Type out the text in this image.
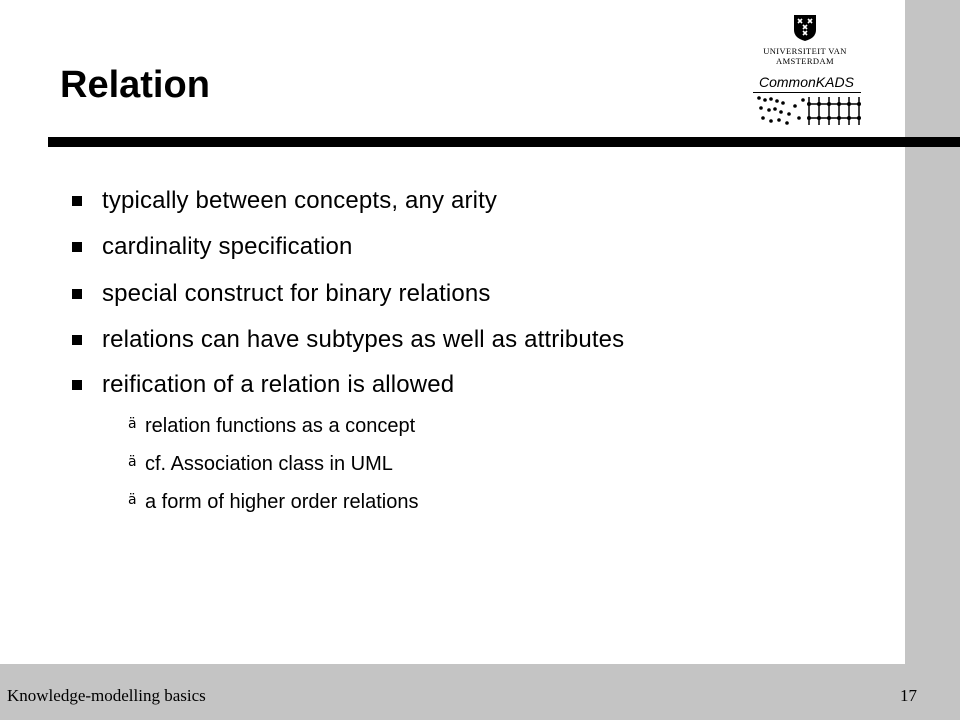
UNIVERSITEIT VAN AMSTERDAM
CommonKADS
Relation
typically between concepts, any arity
cardinality specification
special construct for binary relations
relations can have subtypes as well as attributes
reification of a relation is allowed
ä relation functions as a concept
ä cf. Association class in UML
ä a form of higher order relations
Knowledge-modelling basics	17
